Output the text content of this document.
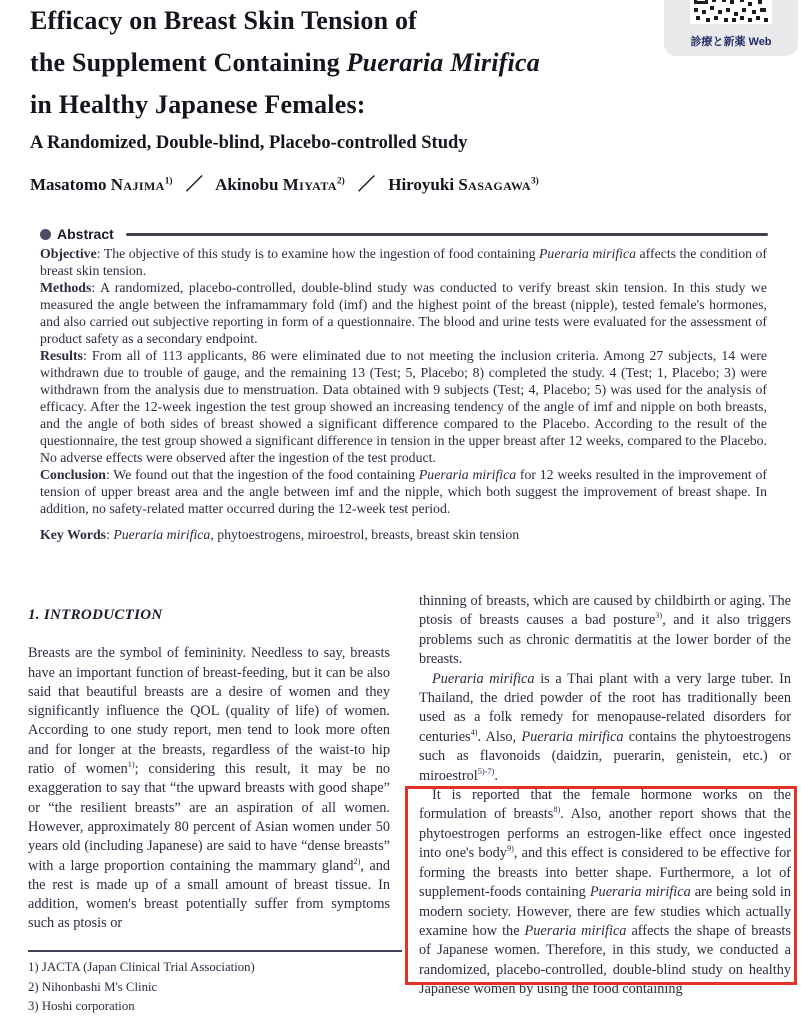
Efficacy on Breast Skin Tension of
the Supplement Containing Pueraria Mirifica
in Healthy Japanese Females:
A Randomized, Double-blind, Placebo-controlled Study
診療と新薬 Web
Masatomo Najima$^{1)}$ ／ Akinobu Miyata$^{2)}$ ／ Hiroyuki Sasagawa$^{3)}$
Abstract

Objective: The objective of this study is to examine how the ingestion of food containing Pueraria mirifica affects the condition of breast skin tension.

Methods: A randomized, placebo-controlled, double-blind study was conducted to verify breast skin tension. In this study we measured the angle between the inframammary fold (imf) and the highest point of the breast (nipple), tested female's hormones, and also carried out subjective reporting in form of a questionnaire. The blood and urine tests were evaluated for the assessment of product safety as a secondary endpoint.

Results: From all of 113 applicants, 86 were eliminated due to not meeting the inclusion criteria. Among 27 subjects, 14 were withdrawn due to trouble of gauge, and the remaining 13 (Test; 5, Placebo; 8) completed the study. 4 (Test; 1, Placebo; 3) were withdrawn from the analysis due to menstruation. Data obtained with 9 subjects (Test; 4, Placebo; 5) was used for the analysis of efficacy. After the 12-week ingestion the test group showed an increasing tendency of the angle of imf and nipple on both breasts, and the angle of both sides of breast showed a significant difference compared to the Placebo. According to the result of the questionnaire, the test group showed a significant difference in tension in the upper breast after 12 weeks, compared to the Placebo. No adverse effects were observed after the ingestion of the test product.

Conclusion: We found out that the ingestion of the food containing Pueraria mirifica for 12 weeks resulted in the improvement of tension of upper breast area and the angle between imf and the nipple, which both suggest the improvement of breast shape. In addition, no safety-related matter occurred during the 12-week test period.

Key Words: Pueraria mirifica, phytoestrogens, miroestrol, breasts, breast skin tension

1. INTRODUCTION

Breasts are the symbol of femininity. Needless to say, breasts have an important function of breast-feeding, but it can be also said that beautiful breasts are a desire of women and they significantly influence the QOL (quality of life) of women. According to one study report, men tend to look more often and for longer at the breasts, regardless of the waist-to hip ratio of women$^{1)}$; considering this result, it may be no exaggeration to say that “the upward breasts with good shape” or “the resilient breasts” are an aspiration of all women. However, approximately 80 percent of Asian women under 50 years old (including Japanese) are said to have “dense breasts” with a large proportion containing the mammary gland$^{2)}$, and the rest is made up of a small amount of breast tissue. In addition, women's breast potentially suffer from symptoms such as ptosis or

1) JACTA (Japan Clinical Trial Association)
2) Nihonbashi M's Clinic
3) Hoshi corporation

thinning of breasts, which are caused by childbirth or aging. The ptosis of breasts causes a bad posture$^{3)}$, and it also triggers problems such as chronic dermatitis at the lower border of the breasts.

Pueraria mirifica is a Thai plant with a very large tuber. In Thailand, the dried powder of the root has traditionally been used as a folk remedy for menopause-related disorders for centuries$^{4)}$. Also, Pueraria mirifica contains the phytoestrogens such as flavonoids (daidzin, puerarin, genistein, etc.) or miroestrol$^{5)-7)}$.

It is reported that the female hormone works on the formulation of breasts$^{8)}$. Also, another report shows that the phytoestrogen performs an estrogen-like effect once ingested into one's body$^{9)}$, and this effect is considered to be effective for forming the breasts into better shape. Furthermore, a lot of supplement-foods containing Pueraria mirifica are being sold in modern society. However, there are few studies which actually examine how the Pueraria mirifica affects the shape of breasts of Japanese women. Therefore, in this study, we conducted a randomized, placebo-controlled, double-blind study on healthy Japanese women by using the food containing
